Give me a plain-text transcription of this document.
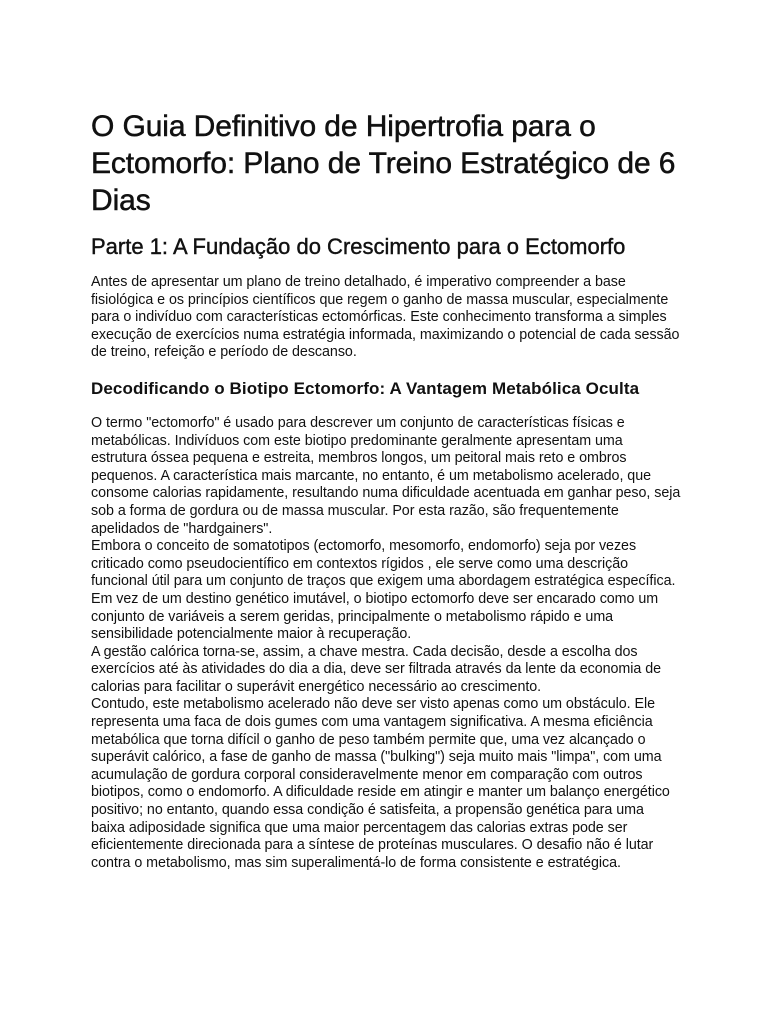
O Guia Definitivo de Hipertrofia para o Ectomorfo: Plano de Treino Estratégico de 6 Dias
Parte 1: A Fundação do Crescimento para o Ectomorfo

Antes de apresentar um plano de treino detalhado, é imperativo compreender a base fisiológica e os princípios científicos que regem o ganho de massa muscular, especialmente para o indivíduo com características ectomórficas. Este conhecimento transforma a simples execução de exercícios numa estratégia informada, maximizando o potencial de cada sessão de treino, refeição e período de descanso.

Decodificando o Biotipo Ectomorfo: A Vantagem Metabólica Oculta

O termo "ectomorfo" é usado para descrever um conjunto de características físicas e metabólicas. Indivíduos com este biotipo predominante geralmente apresentam uma estrutura óssea pequena e estreita, membros longos, um peitoral mais reto e ombros pequenos. A característica mais marcante, no entanto, é um metabolismo acelerado, que consome calorias rapidamente, resultando numa dificuldade acentuada em ganhar peso, seja sob a forma de gordura ou de massa muscular. Por esta razão, são frequentemente apelidados de "hardgainers".

Embora o conceito de somatotipos (ectomorfo, mesomorfo, endomorfo) seja por vezes criticado como pseudocientífico em contextos rígidos , ele serve como uma descrição funcional útil para um conjunto de traços que exigem uma abordagem estratégica específica. Em vez de um destino genético imutável, o biotipo ectomorfo deve ser encarado como um conjunto de variáveis a serem geridas, principalmente o metabolismo rápido e uma sensibilidade potencialmente maior à recuperação.

A gestão calórica torna-se, assim, a chave mestra. Cada decisão, desde a escolha dos exercícios até às atividades do dia a dia, deve ser filtrada através da lente da economia de calorias para facilitar o superávit energético necessário ao crescimento.

Contudo, este metabolismo acelerado não deve ser visto apenas como um obstáculo. Ele representa uma faca de dois gumes com uma vantagem significativa. A mesma eficiência metabólica que torna difícil o ganho de peso também permite que, uma vez alcançado o superávit calórico, a fase de ganho de massa ("bulking") seja muito mais "limpa", com uma acumulação de gordura corporal consideravelmente menor em comparação com outros biotipos, como o endomorfo. A dificuldade reside em atingir e manter um balanço energético positivo; no entanto, quando essa condição é satisfeita, a propensão genética para uma baixa adiposidade significa que uma maior percentagem das calorias extras pode ser eficientemente direcionada para a síntese de proteínas musculares. O desafio não é lutar contra o metabolismo, mas sim superalimentá-lo de forma consistente e estratégica.
